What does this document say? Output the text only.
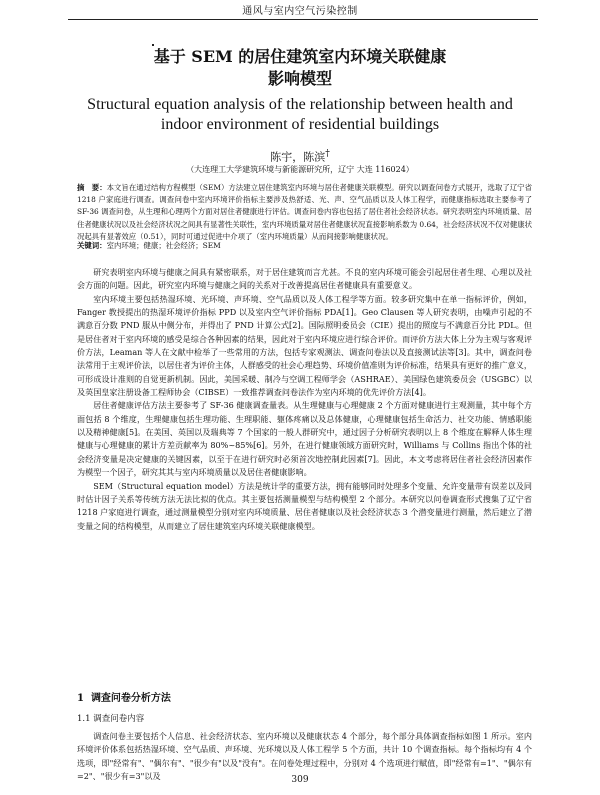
通风与室内空气污染控制
基于 SEM 的居住建筑室内环境关联健康
影响模型
Structural equation analysis of the relationship between health and
indoor environment of residential buildings
陈宇，陈滨†
（大连理工大学建筑环境与新能源研究所，辽宁 大连 116024）
摘　要：本文旨在通过结构方程模型（SEM）方法建立居住建筑室内环境与居住者健康关联模型。研究以调查问卷方式展开，选取了辽宁省 1218 户家庭进行调查。调查问卷中室内环境评价指标主要涉及热舒适、光、声、空气品质以及人体工程学，而健康指标选取主要参考了 SF-36 调查问卷，从生理和心理两个方面对居住者健康进行评估。调查问卷内容也包括了居住者社会经济状态。研究表明室内环境质量、居住者健康状况以及社会经济状况之间具有显著性关联性，室内环境质量对居住者健康状况直接影响系数为 0.64，社会经济状况不仅对健康状况起具有显著效应（0.51），同时可通过促进中介项了（室内环境质量）从而间接影响健康状况。
关键词：室内环境；健康；社会经济；SEM

研究表明室内环境与健康之间具有紧密联系，对于居住建筑而言尤甚。不良的室内环境可能会引起居住者生理、心理以及社会方面的问题。因此，研究室内环境与健康之间的关系对于改善提高居住者健康具有重要意义。

室内环境主要包括热湿环境、光环境、声环境、空气品质以及人体工程学等方面。较多研究集中在单一指标评价，例如，Fanger 教授提出的热湿环境评价指标 PPD 以及室内空气评价指标 PDA[1]。Geo Clausen 等人研究表明，由噪声引起的不满意百分数 PND 服从中侧分布，并得出了 PND 计算公式[2]。国际照明委员会（CIE）提出的照度与不满意百分比 PDL。但是居住者对于室内环境的感受是综合各种因素的结果，因此对于室内环境应进行综合评价。而评价方法大体上分为主观与客观评价方法，Leaman 等人在文献中检举了一些常用的方法，包括专家观测法、调查问卷法以及直接测试法等[3]。其中，调查问卷法常用于主观评价法，以居住者为评价主体，人群感受的社会心理趋势、环境价值准则为评价标准，结果具有更好的推广意义，可形成设计准则的自觉更新机制。因此，美国采暖、制冷与空调工程师学会（ASHRAE）、美国绿色建筑委员会（USGBC）以及英国皇家注册设备工程师协会（CIBSE）一致推荐调查问卷法作为室内环境的优先评价方法[4]。

居住者健康评估方法主要参考了 SF-36 健康调查量表。从生理健康与心理健康 2 个方面对健康进行主观测量，其中每个方面包括 8 个维度，生理健康包括生理功能、生理职能、躯体疼痛以及总体健康，心理健康包括生命活力、社交功能、情感职能以及精神健康[5]。在美国、英国以及瑞典等 7 个国家的一般人群研究中，通过因子分析研究表明以上 8 个维度在解释人体生理健康与心理健康的累计方差贡献率为 80%~85%[6]。另外，在进行健康领域方面研究时，Williams 与 Collins 指出个体的社会经济变量是决定健康的关键因素，以至于在进行研究时必须首次地控制此因素[7]。因此，本文考虑将居住者社会经济因素作为模型一个因子，研究其其与室内环境质量以及居住者健康影响。

SEM（Structural equation model）方法是统计学的重要方法，拥有能够同时处理多个变量、允许变量带有误差以及同时估计因子关系等传统方法无法比拟的优点。其主要包括测量模型与结构模型 2 个部分。本研究以问卷调查形式搜集了辽宁省 1218 户家庭进行调查，通过测量模型分别对室内环境质量、居住者健康以及社会经济状态 3 个潜变量进行测量，然后建立了潜变量之间的结构模型，从而建立了居住建筑室内环境关联健康模型。

1 调查问卷分析方法
1.1 调查问卷内容

调查问卷主要包括个人信息、社会经济状态、室内环境以及健康状态 4 个部分，每个部分具体调查指标如图 1 所示。室内环境评价体系包括热湿环境、空气品质、声环境、光环境以及人体工程学 5 个方面，共计 10 个调查指标。每个指标均有 4 个选项，即"经常有"、"偶尔有"、"很少有"以及"没有"。在问卷处理过程中，分别对 4 个选项进行赋值，即"经常有=1"、"偶尔有=2"、"很少有=3"以及	309
